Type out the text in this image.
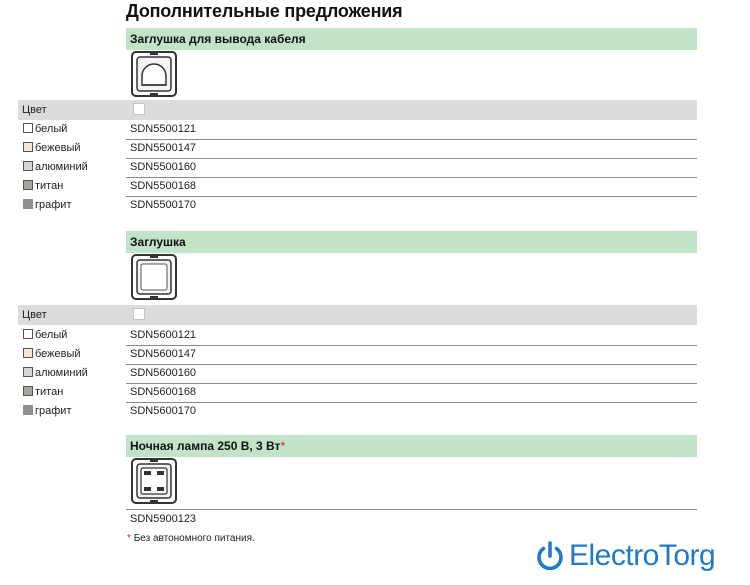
Дополнительные предложения
Заглушка для вывода кабеля
Цвет
белый
бежевый
алюминий
титан
графит
SDN5500121
SDN5500147
SDN5500160
SDN5500168
SDN5500170
Заглушка
Цвет
белый
бежевый
алюминий
титан
графит
SDN5600121
SDN5600147
SDN5600160
SDN5600168
SDN5600170
Ночная лампа 250 В, 3 Вт*
SDN5900123
* Без автономного питания.
ElectroTorg
